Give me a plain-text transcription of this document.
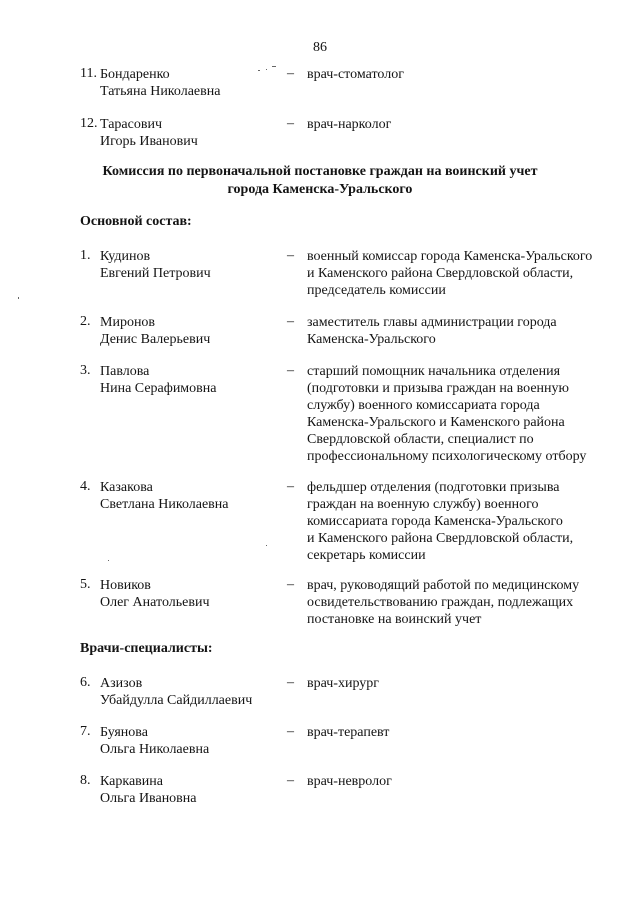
86
11. Бондаренко
Татьяна Николаевна
– врач-стоматолог
12. Тарасович
Игорь Иванович
– врач-нарколог
Комиссия по первоначальной постановке граждан на воинский учет
города Каменска-Уральского
Основной состав:
1. Кудинов
Евгений Петрович
– военный комиссар города Каменска-Уральского
и Каменского района Свердловской области,
председатель комиссии
2. Миронов
Денис Валерьевич
– заместитель главы администрации города
Каменска-Уральского
3. Павлова
Нина Серафимовна
– старший помощник начальника отделения
(подготовки и призыва граждан на военную
службу) военного комиссариата города
Каменска-Уральского и Каменского района
Свердловской области, специалист по
профессиональному психологическому отбору
4. Казакова
Светлана Николаевна
– фельдшер отделения (подготовки призыва
граждан на военную службу) военного
комиссариата города Каменска-Уральского
и Каменского района Свердловской области,
секретарь комиссии
5. Новиков
Олег Анатольевич
– врач, руководящий работой по медицинскому
освидетельствованию граждан, подлежащих
постановке на воинский учет
Врачи-специалисты:
6. Азизов
Убайдулла Сайдиллаевич
– врач-хирург
7. Буянова
Ольга Николаевна
– врач-терапевт
8. Каркавина
Ольга Ивановна
– врач-невролог
